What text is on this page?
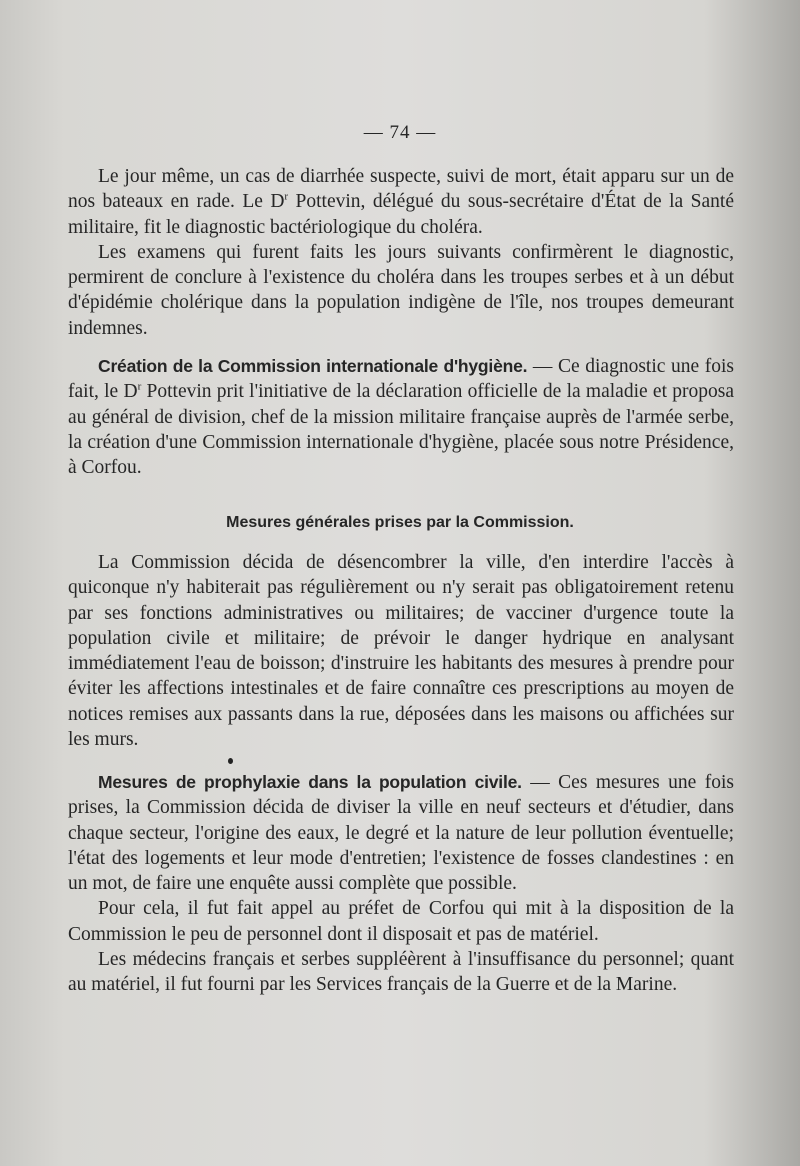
— 74 —

Le jour même, un cas de diarrhée suspecte, suivi de mort, était apparu sur un de nos bateaux en rade. Le $D^r$ Pottevin, délégué du sous-secrétaire d'État de la Santé militaire, fit le diagnostic bactériologique du choléra.

Les examens qui furent faits les jours suivants confirmèrent le diagnostic, permirent de conclure à l'existence du choléra dans les troupes serbes et à un début d'épidémie cholérique dans la population indigène de l'île, nos troupes demeurant indemnes.

Création de la Commission internationale d'hygiène. — Ce diagnostic une fois fait, le $D^r$ Pottevin prit l'initiative de la déclaration officielle de la maladie et proposa au général de division, chef de la mission militaire française auprès de l'armée serbe, la création d'une Commission internationale d'hygiène, placée sous notre Présidence, à Corfou.

Mesures générales prises par la Commission.

La Commission décida de désencombrer la ville, d'en interdire l'accès à quiconque n'y habiterait pas régulièrement ou n'y serait pas obligatoirement retenu par ses fonctions administratives ou militaires; de vacciner d'urgence toute la population civile et militaire; de prévoir le danger hydrique en analysant immédiatement l'eau de boisson; d'instruire les habitants des mesures à prendre pour éviter les affections intestinales et de faire connaître ces prescriptions au moyen de notices remises aux passants dans la rue, déposées dans les maisons ou affichées sur les murs.

Mesures de prophylaxie dans la population civile. — Ces mesures une fois prises, la Commission décida de diviser la ville en neuf secteurs et d'étudier, dans chaque secteur, l'origine des eaux, le degré et la nature de leur pollution éventuelle; l'état des logements et leur mode d'entretien; l'existence de fosses clandestines : en un mot, de faire une enquête aussi complète que possible.

Pour cela, il fut fait appel au préfet de Corfou qui mit à la disposition de la Commission le peu de personnel dont il disposait et pas de matériel.

Les médecins français et serbes suppléèrent à l'insuffisance du personnel; quant au matériel, il fut fourni par les Services français de la Guerre et de la Marine.
